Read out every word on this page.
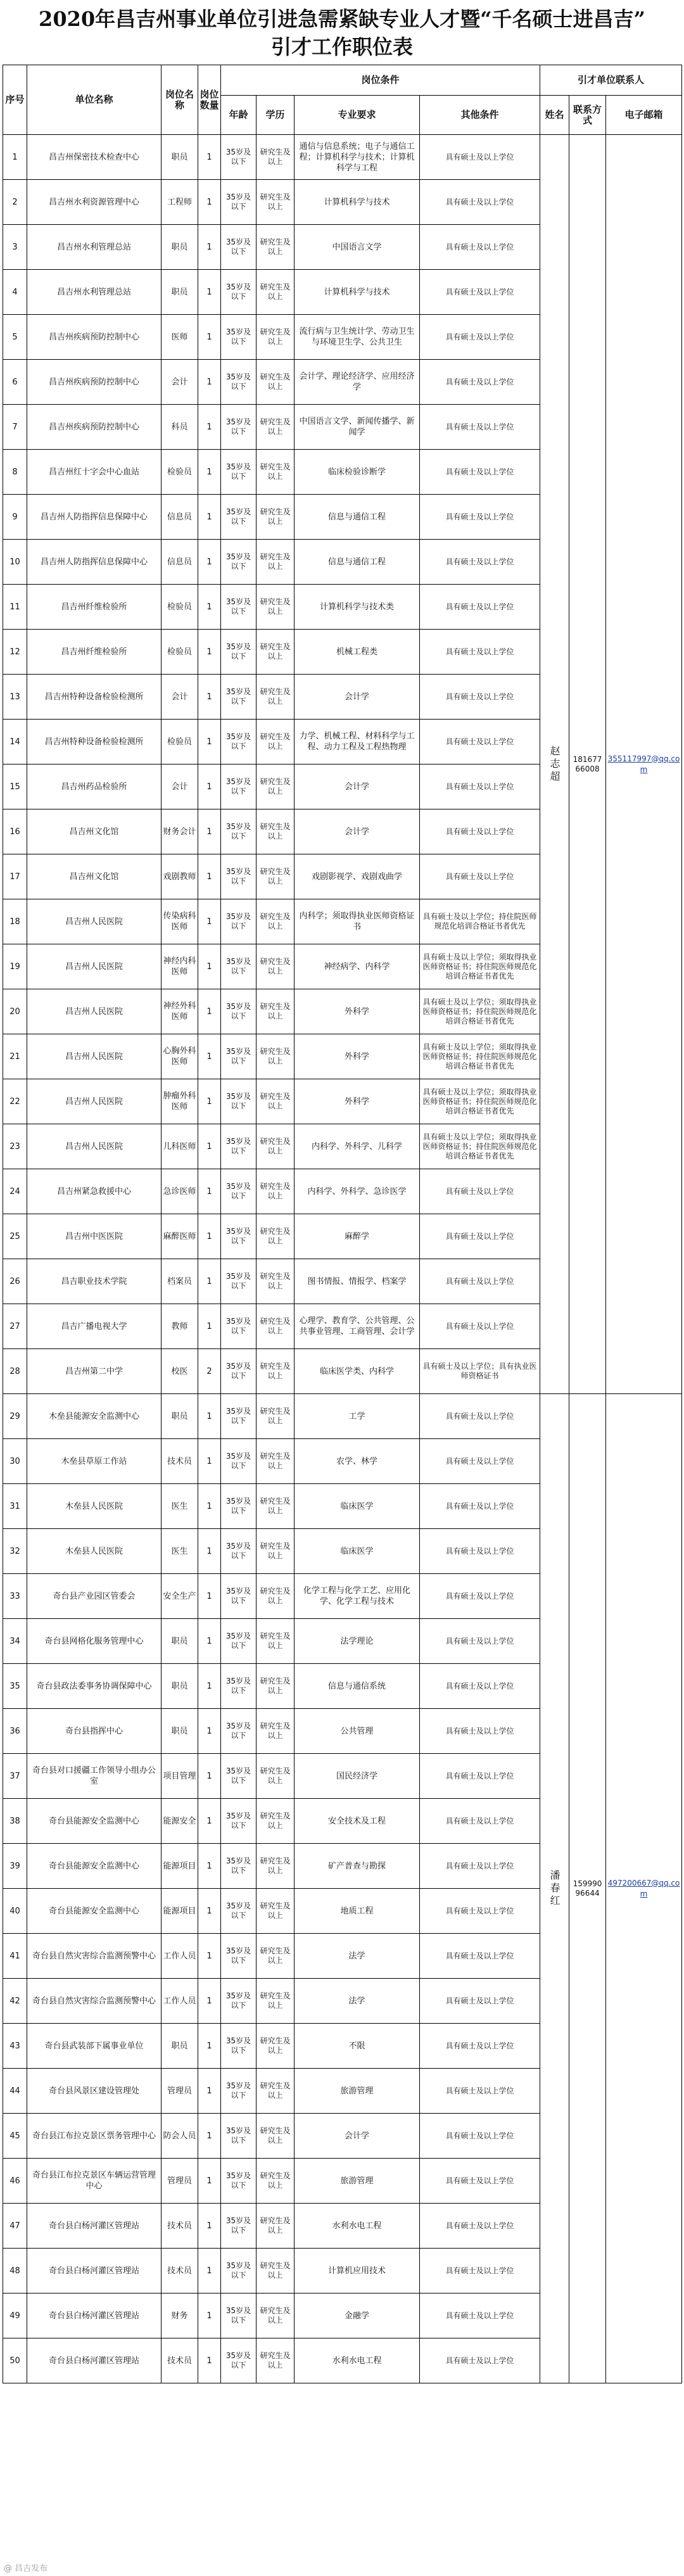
2020年昌吉州事业单位引进急需紧缺专业人才暨“千名硕士进昌吉”
引才工作职位表
序号	单位名称	岗位名称	岗位数量	岗位条件				引才单位联系人		
				年龄	学历	专业要求	其他条件	姓名	联系方式	电子邮箱
1	昌吉州保密技术检查中心	职员	1	35岁及以下	研究生及以上	通信与信息系统；电子与通信工程；计算机科学与技术；计算机科学与工程	具有硕士及以上学位	赵志超	18167766008	355117997@qq.com
2	昌吉州水利资源管理中心	工程师	1	35岁及以下	研究生及以上	计算机科学与技术	具有硕士及以上学位			
3	昌吉州水利管理总站	职员	1	35岁及以下	研究生及以上	中国语言文学	具有硕士及以上学位			
4	昌吉州水利管理总站	职员	1	35岁及以下	研究生及以上	计算机科学与技术	具有硕士及以上学位			
5	昌吉州疾病预防控制中心	医师	1	35岁及以下	研究生及以上	流行病与卫生统计学、劳动卫生与环境卫生学、公共卫生	具有硕士及以上学位			
6	昌吉州疾病预防控制中心	会计	1	35岁及以下	研究生及以上	会计学、理论经济学、应用经济学	具有硕士及以上学位			
7	昌吉州疾病预防控制中心	科员	1	35岁及以下	研究生及以上	中国语言文学、新闻传播学、新闻学	具有硕士及以上学位			
8	昌吉州红十字会中心血站	检验员	1	35岁及以下	研究生及以上	临床检验诊断学	具有硕士及以上学位			
9	昌吉州人防指挥信息保障中心	信息员	1	35岁及以下	研究生及以上	信息与通信工程	具有硕士及以上学位			
10	昌吉州人防指挥信息保障中心	信息员	1	35岁及以下	研究生及以上	信息与通信工程	具有硕士及以上学位			
11	昌吉州纤维检验所	检验员	1	35岁及以下	研究生及以上	计算机科学与技术类	具有硕士及以上学位			
12	昌吉州纤维检验所	检验员	1	35岁及以下	研究生及以上	机械工程类	具有硕士及以上学位			
13	昌吉州特种设备检验检测所	会计	1	35岁及以下	研究生及以上	会计学	具有硕士及以上学位			
14	昌吉州特种设备检验检测所	检验员	1	35岁及以下	研究生及以上	力学、机械工程、材料科学与工程、动力工程及工程热物理	具有硕士及以上学位			
15	昌吉州药品检验所	会计	1	35岁及以下	研究生及以上	会计学	具有硕士及以上学位			
16	昌吉州文化馆	财务会计	1	35岁及以下	研究生及以上	会计学	具有硕士及以上学位			
17	昌吉州文化馆	戏剧教师	1	35岁及以下	研究生及以上	戏剧影视学、戏剧戏曲学	具有硕士及以上学位			
18	昌吉州人民医院	传染病科医师	1	35岁及以下	研究生及以上	内科学；须取得执业医师资格证书	具有硕士及以上学位；持住院医师规范化培训合格证书者优先			
19	昌吉州人民医院	神经内科医师	1	35岁及以下	研究生及以上	神经病学、内科学	具有硕士及以上学位；须取得执业医师资格证书；持住院医师规范化培训合格证书者优先			
20	昌吉州人民医院	神经外科医师	1	35岁及以下	研究生及以上	外科学	具有硕士及以上学位；须取得执业医师资格证书；持住院医师规范化培训合格证书者优先			
21	昌吉州人民医院	心胸外科医师	1	35岁及以下	研究生及以上	外科学	具有硕士及以上学位；须取得执业医师资格证书；持住院医师规范化培训合格证书者优先			
22	昌吉州人民医院	肿瘤外科医师	1	35岁及以下	研究生及以上	外科学	具有硕士及以上学位；须取得执业医师资格证书；持住院医师规范化培训合格证书者优先			
23	昌吉州人民医院	儿科医师	1	35岁及以下	研究生及以上	内科学、外科学、儿科学	具有硕士及以上学位；须取得执业医师资格证书；持住院医师规范化培训合格证书者优先			
24	昌吉州紧急救援中心	急诊医师	1	35岁及以下	研究生及以上	内科学、外科学、急诊医学	具有硕士及以上学位			
25	昌吉州中医医院	麻醉医师	1	35岁及以下	研究生及以上	麻醉学	具有硕士及以上学位			
26	昌吉职业技术学院	档案员	1	35岁及以下	研究生及以上	图书情报、情报学、档案学	具有硕士及以上学位			
27	昌吉广播电视大学	教师	1	35岁及以下	研究生及以上	心理学、教育学、公共管理、公共事业管理、工商管理、会计学	具有硕士及以上学位			
28	昌吉州第二中学	校医	2	35岁及以下	研究生及以上	临床医学类、内科学	具有硕士及以上学位；具有执业医师资格证书			
29	木垒县能源安全监测中心	职员	1	35岁及以下	研究生及以上	工学	具有硕士及以上学位	潘春红	15999096644	497200667@qq.com
30	木垒县草原工作站	技术员	1	35岁及以下	研究生及以上	农学、林学	具有硕士及以上学位			
31	木垒县人民医院	医生	1	35岁及以下	研究生及以上	临床医学	具有硕士及以上学位			
32	木垒县人民医院	医生	1	35岁及以下	研究生及以上	临床医学	具有硕士及以上学位			
33	奇台县产业园区管委会	安全生产	1	35岁及以下	研究生及以上	化学工程与化学工艺、应用化学、化学工程与技术	具有硕士及以上学位			
34	奇台县网格化服务管理中心	职员	1	35岁及以下	研究生及以上	法学理论	具有硕士及以上学位			
35	奇台县政法委事务协调保障中心	职员	1	35岁及以下	研究生及以上	信息与通信系统	具有硕士及以上学位			
36	奇台县指挥中心	职员	1	35岁及以下	研究生及以上	公共管理	具有硕士及以上学位			
37	奇台县对口援疆工作领导小组办公室	项目管理	1	35岁及以下	研究生及以上	国民经济学	具有硕士及以上学位			
38	奇台县能源安全监测中心	能源安全	1	35岁及以下	研究生及以上	安全技术及工程	具有硕士及以上学位			
39	奇台县能源安全监测中心	能源项目	1	35岁及以下	研究生及以上	矿产普查与勘探	具有硕士及以上学位			
40	奇台县能源安全监测中心	能源项目	1	35岁及以下	研究生及以上	地质工程	具有硕士及以上学位			
41	奇台县自然灾害综合监测预警中心	工作人员	1	35岁及以下	研究生及以上	法学	具有硕士及以上学位			
42	奇台县自然灾害综合监测预警中心	工作人员	1	35岁及以下	研究生及以上	法学	具有硕士及以上学位			
43	奇台县武装部下属事业单位	职员	1	35岁及以下	研究生及以上	不限	具有硕士及以上学位			
44	奇台县风景区建设管理处	管理员	1	35岁及以下	研究生及以上	旅游管理	具有硕士及以上学位			
45	奇台县江布拉克景区票务管理中心	防会人员	1	35岁及以下	研究生及以上	会计学	具有硕士及以上学位			
46	奇台县江布拉克景区车辆运营管理中心	管理员	1	35岁及以下	研究生及以上	旅游管理	具有硕士及以上学位			
47	奇台县白杨河灌区管理站	技术员	1	35岁及以下	研究生及以上	水利水电工程	具有硕士及以上学位			
48	奇台县白杨河灌区管理站	技术员	1	35岁及以下	研究生及以上	计算机应用技术	具有硕士及以上学位			
49	奇台县白杨河灌区管理站	财务	1	35岁及以下	研究生及以上	金融学	具有硕士及以上学位			
50	奇台县白杨河灌区管理站	技术员	1	35岁及以下	研究生及以上	水利水电工程	具有硕士及以上学位			
@ 昌吉发布
